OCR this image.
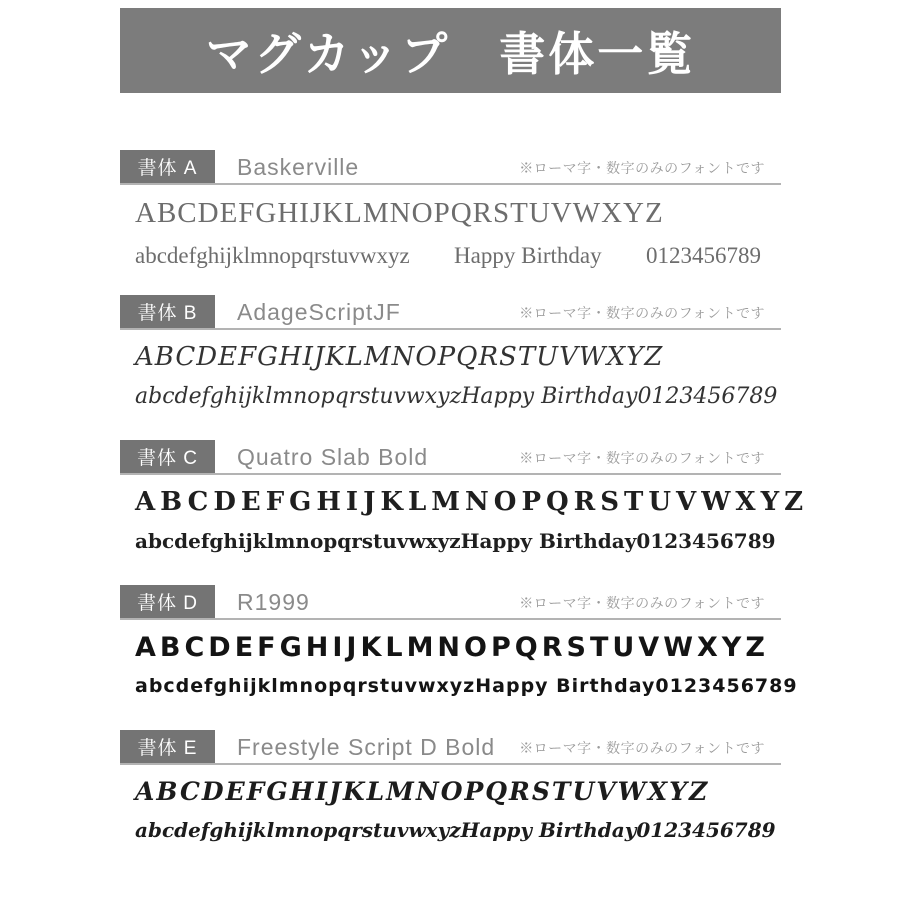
マグカップ　書体一覧
書体 A	Baskerville	※ローマ字・数字のみのフォントです
ABCDEFGHIJKLMNOPQRSTUVWXYZ
abcdefghijklmnopqrstuvwxyz Happy Birthday 0123456789
書体 B	AdageScriptJF	※ローマ字・数字のみのフォントです
ABCDEFGHIJKLMNOPQRSTUVWXYZ
abcdefghijklmnopqrstuvwxyz Happy Birthday 0123456789
書体 C	Quatro Slab Bold	※ローマ字・数字のみのフォントです
ABCDEFGHIJKLMNOPQRSTUVWXYZ
abcdefghijklmnopqrstuvwxyz Happy Birthday 0123456789
書体 D	R1999	※ローマ字・数字のみのフォントです
ABCDEFGHIJKLMNOPQRSTUVWXYZ
abcdefghijklmnopqrstuvwxyz Happy Birthday 0123456789
書体 E	Freestyle Script D Bold ※ローマ字・数字のみのフォントです
ABCDEFGHIJKLMNOPQRSTUVWXYZ
abcdefghijklmnopqrstuvwxyz Happy Birthday 0123456789
